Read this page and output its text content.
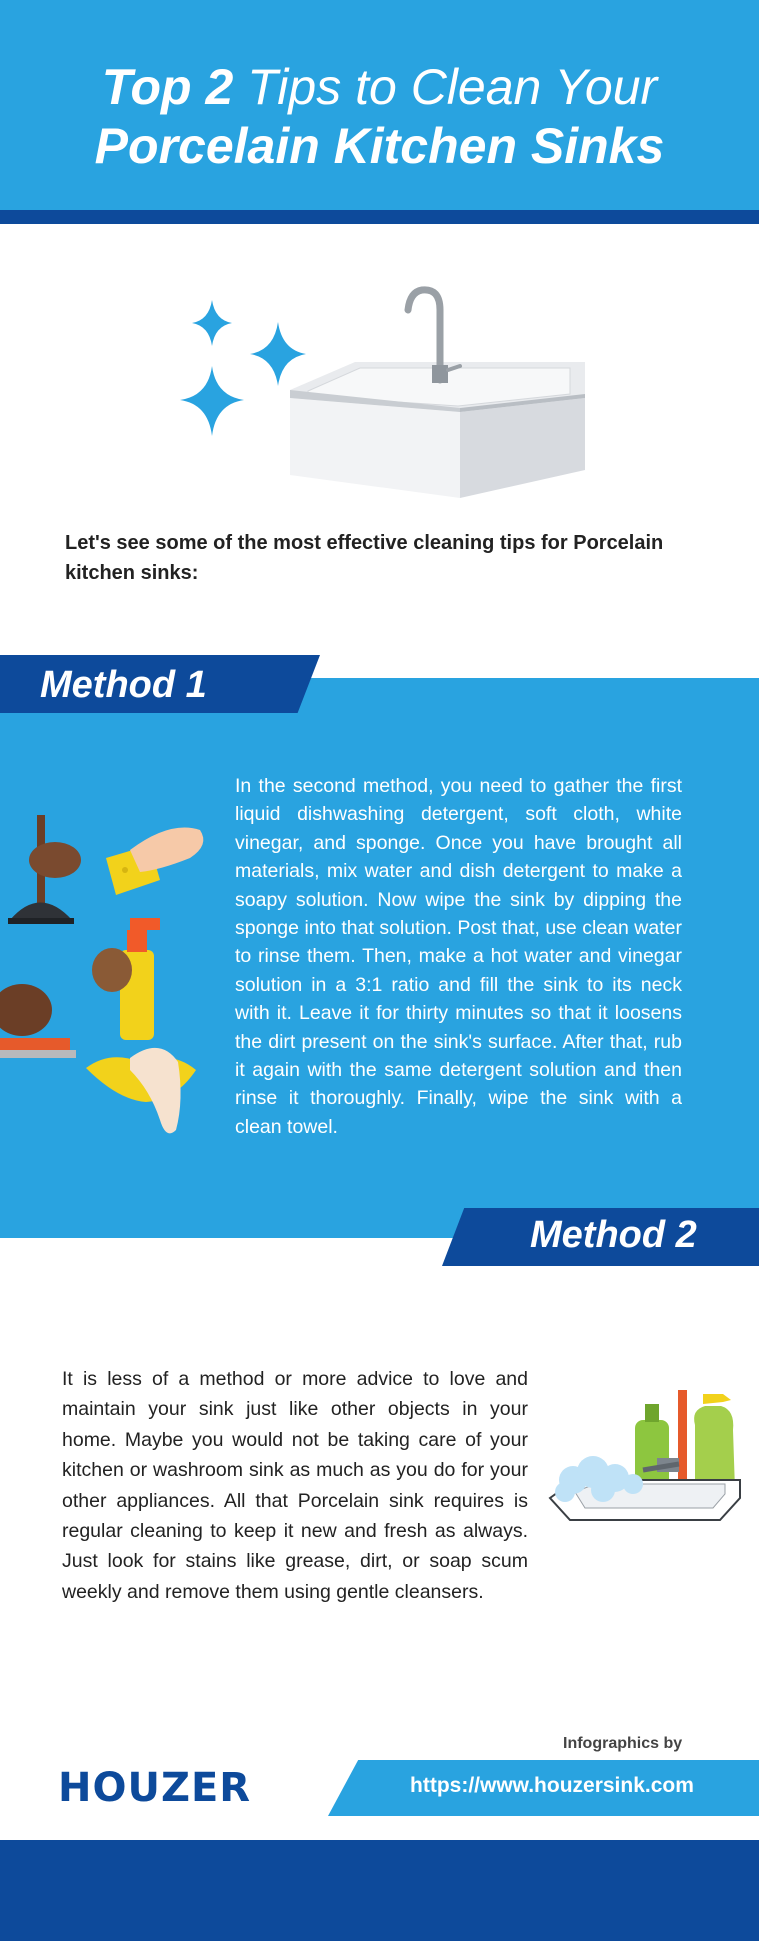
Top 2 Tips to Clean Your
Porcelain Kitchen Sinks
Let's see some of the most effective cleaning tips for Porcelain kitchen sinks:
Method 1
In the second method, you need to gather the first liquid dishwashing detergent, soft cloth, white vinegar, and sponge. Once you have brought all materials, mix water and dish detergent to make a soapy solution. Now wipe the sink by dipping the sponge into that solution. Post that, use clean water to rinse them. Then, make a hot water and vinegar solution in a 3:1 ratio and fill the sink to its neck with it. Leave it for thirty minutes so that it loosens the dirt present on the sink's surface. After that, rub it again with the same detergent solution and then rinse it thoroughly. Finally, wipe the sink with a clean towel.
Method 2
It is less of a method or more advice to love and maintain your sink just like other objects in your home. Maybe you would not be taking care of your kitchen or washroom sink as much as you do for your other appliances. All that Porcelain sink requires is regular cleaning to keep it new and fresh as always. Just look for stains like grease, dirt, or soap scum weekly and remove them using gentle cleansers.
Infographics by
HOUZER	https://www.houzersink.com
